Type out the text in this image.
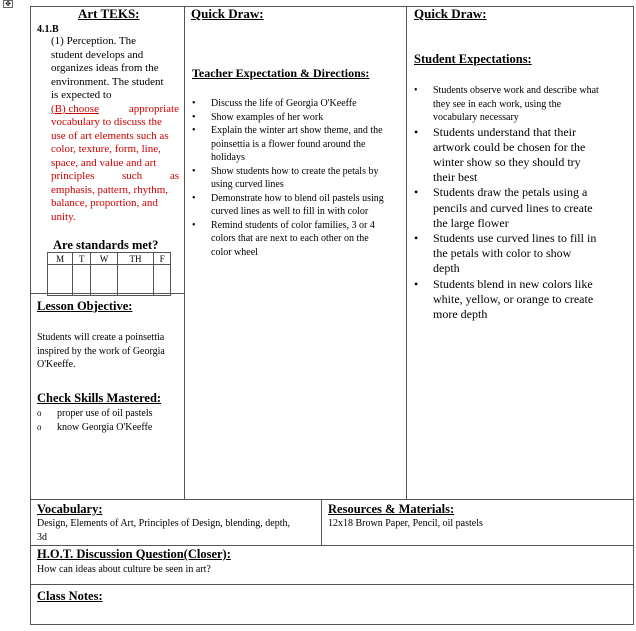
✥
Art TEKS:
4.1.B
(1) Perception. The
student develops and
organizes ideas from the
environment. The student
is expected to
(B) choose	appropriate
vocabulary to discuss the
use of art elements such as
color, texture, form, line,
space, and value and art
principles	such	as
emphasis, pattern, rhythm,
balance, proportion, and
unity.
Are standards met?
M	T	W	TH	F

Lesson Objective:
Students will create a poinsettia
inspired by the work of Georgia
O'Keeffe.
Check Skills Mastered:
o proper use of oil pastels
o know Georgia O'Keeffe
Quick Draw:
Teacher Expectation & Directions:
• Discuss the life of Georgia O'Keeffe
• Show examples of her work
• Explain the winter art show theme, and the
poinsettia is a flower found around the
holidays
• Show students how to create the petals by
using curved lines
• Demonstrate how to blend oil pastels using
curved lines as well to fill in with color
• Remind students of color families, 3 or 4
colors that are next to each other on the
color wheel
Quick Draw:
Student Expectations:
• Students observe work and describe what
they see in each work, using the
vocabulary necessary
• Students understand that their
artwork could be chosen for the
winter show so they should try
their best
• Students draw the petals using a
pencils and curved lines to create
the large flower
• Students use curved lines to fill in
the petals with color to show
depth
• Students blend in new colors like
white, yellow, or orange to create
more depth
Vocabulary:
Design, Elements of Art, Principles of Design, blending, depth,
3d
Resources & Materials:
12x18 Brown Paper, Pencil, oil pastels
H.O.T. Discussion Question(Closer):
How can ideas about culture be seen in art?
Class Notes:
